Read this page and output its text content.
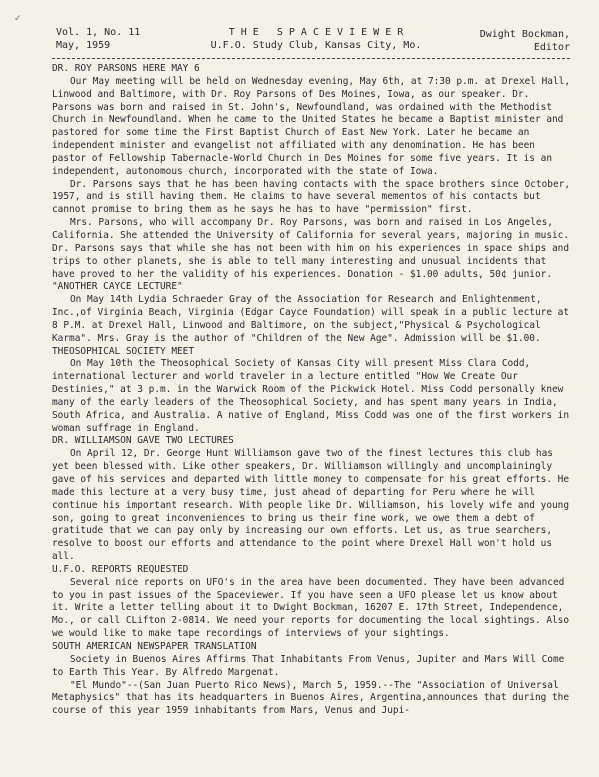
✓
Vol. 1, No. 11
May, 1959
T H E   S P A C E V I E W E R
U.F.O. Study Club, Kansas City, Mo.
Dwight Bockman,
Editor

DR. ROY PARSONS HERE MAY 6

Our May meeting will be held on Wednesday evening, May 6th, at 7:30 p.m. at Drexel Hall, Linwood and Baltimore, with Dr. Roy Parsons of Des Moines, Iowa, as our speaker. Dr. Parsons was born and raised in St. John's, Newfoundland, was ordained with the Methodist Church in Newfoundland. When he came to the United States he became a Baptist minister and pastored for some time the First Baptist Church of East New York. Later he became an independent minister and evangelist not affiliated with any denomination. He has been pastor of Fellowship Tabernacle-World Church in Des Moines for some five years. It is an independent, autonomous church, incorporated with the state of Iowa.

Dr. Parsons says that he has been having contacts with the space brothers since October, 1957, and is still having them. He claims to have several mementos of his contacts but cannot promise to bring them as he says he has to have "permission" first.

Mrs. Parsons, who will accompany Dr. Roy Parsons, was born and raised in Los Angeles, California. She attended the University of California for several years, majoring in music. Dr. Parsons says that while she has not been with him on his experiences in space ships and trips to other planets, she is able to tell many interesting and unusual incidents that have proved to her the validity of his experiences. Donation - $1.00 adults, 50¢ junior.

"ANOTHER CAYCE LECTURE"

On May 14th Lydia Schraeder Gray of the Association for Research and Enlightenment, Inc.,of Virginia Beach, Virginia (Edgar Cayce Foundation) will speak in a public lecture at 8 P.M. at Drexel Hall, Linwood and Baltimore, on the subject,"Physical & Psychological Karma". Mrs. Gray is the author of "Children of the New Age". Admission will be $1.00.

THEOSOPHICAL SOCIETY MEET

On May 10th the Theosophical Society of Kansas City will present Miss Clara Codd, international lecturer and world traveler in a lecture entitled "How We Create Our Destinies," at 3 p.m. in the Warwick Room of the Pickwick Hotel. Miss Codd personally knew many of the early leaders of the Theosophical Society, and has spent many years in India, South Africa, and Australia. A native of England, Miss Codd was one of the first workers in woman suffrage in England.

DR. WILLIAMSON GAVE TWO LECTURES

On April 12, Dr. George Hunt Williamson gave two of the finest lectures this club has yet been blessed with. Like other speakers, Dr. Williamson willingly and uncomplainingly gave of his services and departed with little money to compensate for his great efforts. He made this lecture at a very busy time, just ahead of departing for Peru where he will continue his important research. With people like Dr. Williamson, his lovely wife and young son, going to great inconveniences to bring us their fine work, we owe them a debt of gratitude that we can pay only by increasing our own efforts. Let us, as true searchers, resolve to boost our efforts and attendance to the point where Drexel Hall won't hold us all.

U.F.O. REPORTS REQUESTED

Several nice reports on UFO's in the area have been documented. They have been advanced to you in past issues of the Spaceviewer. If you have seen a UFO please let us know about it. Write a letter telling about it to Dwight Bockman, 16207 E. 17th Street, Independence, Mo., or call CLifton 2-0814. We need your reports for documenting the local sightings. Also we would like to make tape recordings of interviews of your sightings.

SOUTH AMERICAN NEWSPAPER TRANSLATION

Society in Buenos Aires Affirms That Inhabitants From Venus, Jupiter and Mars Will Come to Earth This Year. By Alfredo Margenat.

"El Mundo"--(San Juan Puerto Rico News), March 5, 1959.--The "Association of Universal Metaphysics" that has its headquarters in Buenos Aires, Argentina,announces that during the course of this year 1959 inhabitants from Mars, Venus and Jupi-
